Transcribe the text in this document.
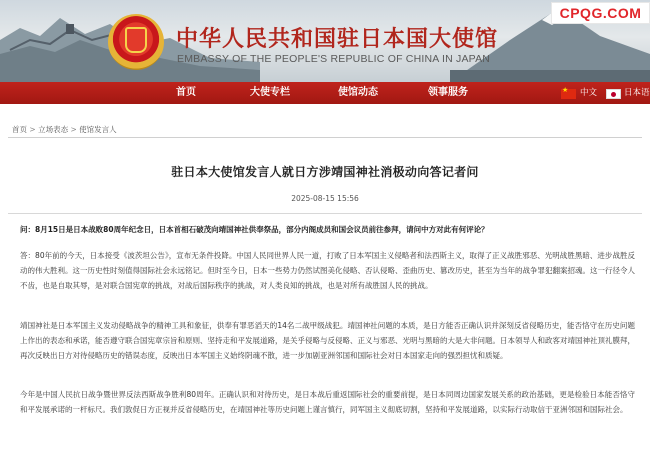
中华人民共和国驻日本国大使馆
EMBASSY OF THE PEOPLE'S REPUBLIC OF CHINA IN JAPAN
CPQG.COM
首页	大使专栏	使馆动态	领事服务
★	中文	日本语
首页 > 立场表态 > 使馆发言人
驻日本大使馆发言人就日方涉靖国神社消极动向答记者问
2025-08-15 15:56
问：8月15日是日本战败80周年纪念日，日本首相石破茂向靖国神社供奉祭品，部分内阁成员和国会议员前往参拜，请问中方对此有何评论？
答：80年前的今天，日本接受《波茨坦公告》，宣布无条件投降。中国人民同世界人民一道，打败了日本军国主义侵略者和法西斯主义，取得了正义战胜邪恶、光明战胜黑暗、进步战胜反动的伟大胜利。这一历史性时刻值得国际社会永远铭记。但时至今日，日本一些势力仍然试图美化侵略、否认侵略、歪曲历史、篡改历史，甚至为当年的战争罪犯翻案招魂。这一行径令人不齿，也是自取其辱，是对联合国宪章的挑战，对战后国际秩序的挑战，对人类良知的挑战，也是对所有战胜国人民的挑战。
靖国神社是日本军国主义发动侵略战争的精神工具和象征，供奉有罪恶滔天的14名二战甲级战犯。靖国神社问题的本质，是日方能否正确认识并深刻反省侵略历史，能否恪守在历史问题上作出的表态和承诺，能否遵守联合国宪章宗旨和原则、坚持走和平发展道路，是关乎侵略与反侵略、正义与邪恶、光明与黑暗的大是大非问题。日本领导人和政客对靖国神社顶礼膜拜，再次反映出日方对待侵略历史的错误态度，反映出日本军国主义始终阴魂不散，进一步加剧亚洲邻国和国际社会对日本国家走向的强烈担忧和质疑。
今年是中国人民抗日战争暨世界反法西斯战争胜利80周年。正确认识和对待历史，是日本战后重返国际社会的重要前提，是日本同周边国家发展关系的政治基础，更是检验日本能否恪守和平发展承诺的一杆标尺。我们敦促日方正视并反省侵略历史，在靖国神社等历史问题上谨言慎行，同军国主义彻底切割，坚持和平发展道路，以实际行动取信于亚洲邻国和国际社会。
